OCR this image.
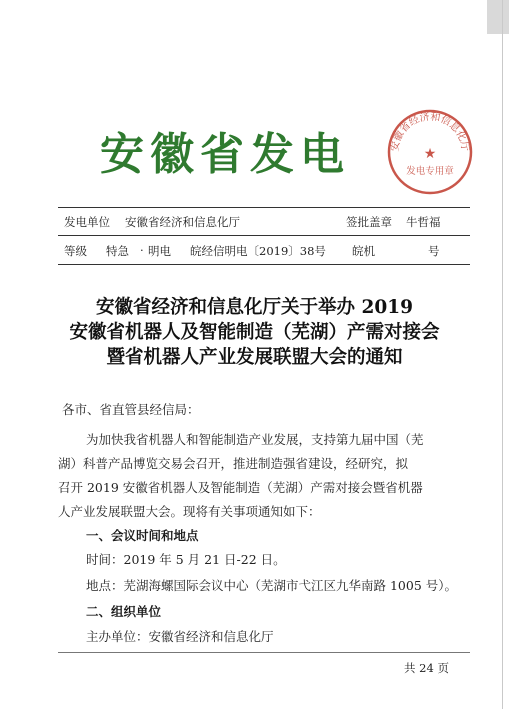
安徽省发电	安徽省经济和信息化厅
★
发电专用章
发电单位 安徽省经济和信息化厅	签批盖章 牛哲福
等级 特急 · 明电 皖经信明电〔2019〕38号 皖机	号
安徽省经济和信息化厅关于举办 2019
安徽省机器人及智能制造（芜湖）产需对接会
暨省机器人产业发展联盟大会的通知
各市、省直管县经信局：
为加快我省机器人和智能制造产业发展，支持第九届中国（芜
湖）科普产品博览交易会召开，推进制造强省建设，经研究，拟
召开 2019 安徽省机器人及智能制造（芜湖）产需对接会暨省机器
人产业发展联盟大会。现将有关事项通知如下：
一、会议时间和地点
时间：2019 年 5 月 21 日-22 日。
地点：芜湖海螺国际会议中心（芜湖市弋江区九华南路 1005 号）。
二、组织单位
主办单位：安徽省经济和信息化厅
共 24 页
